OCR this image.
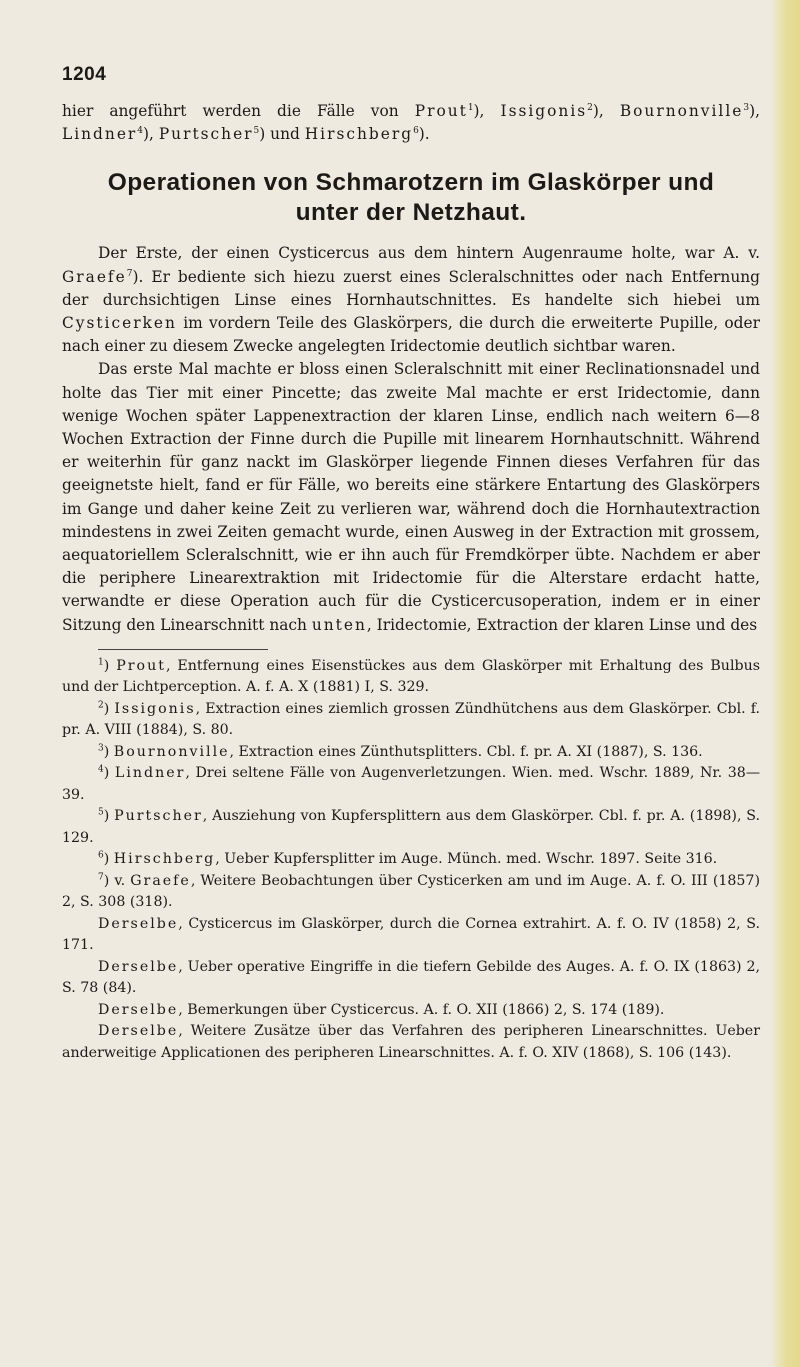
1204

hier angeführt werden die Fälle von Prout$^1$), Issigonis$^2$), Bournonville$^3$), Lindner$^4$), Purtscher$^5$) und Hirschberg$^6$).

Operationen von Schmarotzern im Glaskörper und
unter der Netzhaut.

Der Erste, der einen Cysticercus aus dem hintern Augenraume holte, war A. v. Graefe$^7$). Er bediente sich hiezu zuerst eines Scleralschnittes oder nach Entfernung der durchsichtigen Linse eines Hornhautschnittes. Es handelte sich hiebei um Cysticerken im vordern Teile des Glaskörpers, die durch die erweiterte Pupille, oder nach einer zu diesem Zwecke angelegten Iridectomie deutlich sichtbar waren.

Das erste Mal machte er bloss einen Scleralschnitt mit einer Reclinationsnadel und holte das Tier mit einer Pincette; das zweite Mal machte er erst Iridectomie, dann wenige Wochen später Lappenextraction der klaren Linse, endlich nach weitern 6—8 Wochen Extraction der Finne durch die Pupille mit linearem Hornhautschnitt. Während er weiterhin für ganz nackt im Glaskörper liegende Finnen dieses Verfahren für das geeignetste hielt, fand er für Fälle, wo bereits eine stärkere Entartung des Glaskörpers im Gange und daher keine Zeit zu verlieren war, während doch die Hornhautextraction mindestens in zwei Zeiten gemacht wurde, einen Ausweg in der Extraction mit grossem, aequatoriellem Scleralschnitt, wie er ihn auch für Fremdkörper übte. Nachdem er aber die periphere Linearextraktion mit Iridectomie für die Alterstare erdacht hatte, verwandte er diese Operation auch für die Cysticercusoperation, indem er in einer Sitzung den Linearschnitt nach unten, Iridectomie, Extraction der klaren Linse und des

$^1$) Prout, Entfernung eines Eisenstückes aus dem Glaskörper mit Erhaltung des Bulbus und der Lichtperception. A. f. A. X (1881) I, S. 329.

$^2$) Issigonis, Extraction eines ziemlich grossen Zündhütchens aus dem Glaskörper. Cbl. f. pr. A. VIII (1884), S. 80.

$^3$) Bournonville, Extraction eines Zünthutsplitters. Cbl. f. pr. A. XI (1887), S. 136.

$^4$) Lindner, Drei seltene Fälle von Augenverletzungen. Wien. med. Wschr. 1889, Nr. 38—39.

$^5$) Purtscher, Ausziehung von Kupfersplittern aus dem Glaskörper. Cbl. f. pr. A. (1898), S. 129.

$^6$) Hirschberg, Ueber Kupfersplitter im Auge. Münch. med. Wschr. 1897. Seite 316.

$^7$) v. Graefe, Weitere Beobachtungen über Cysticerken am und im Auge. A. f. O. III (1857) 2, S. 308 (318).

Derselbe, Cysticercus im Glaskörper, durch die Cornea extrahirt. A. f. O. IV (1858) 2, S. 171.

Derselbe, Ueber operative Eingriffe in die tiefern Gebilde des Auges. A. f. O. IX (1863) 2, S. 78 (84).

Derselbe, Bemerkungen über Cysticercus. A. f. O. XII (1866) 2, S. 174 (189).

Derselbe, Weitere Zusätze über das Verfahren des peripheren Linearschnittes. Ueber anderweitige Applicationen des peripheren Linearschnittes. A. f. O. XIV (1868), S. 106 (143).
